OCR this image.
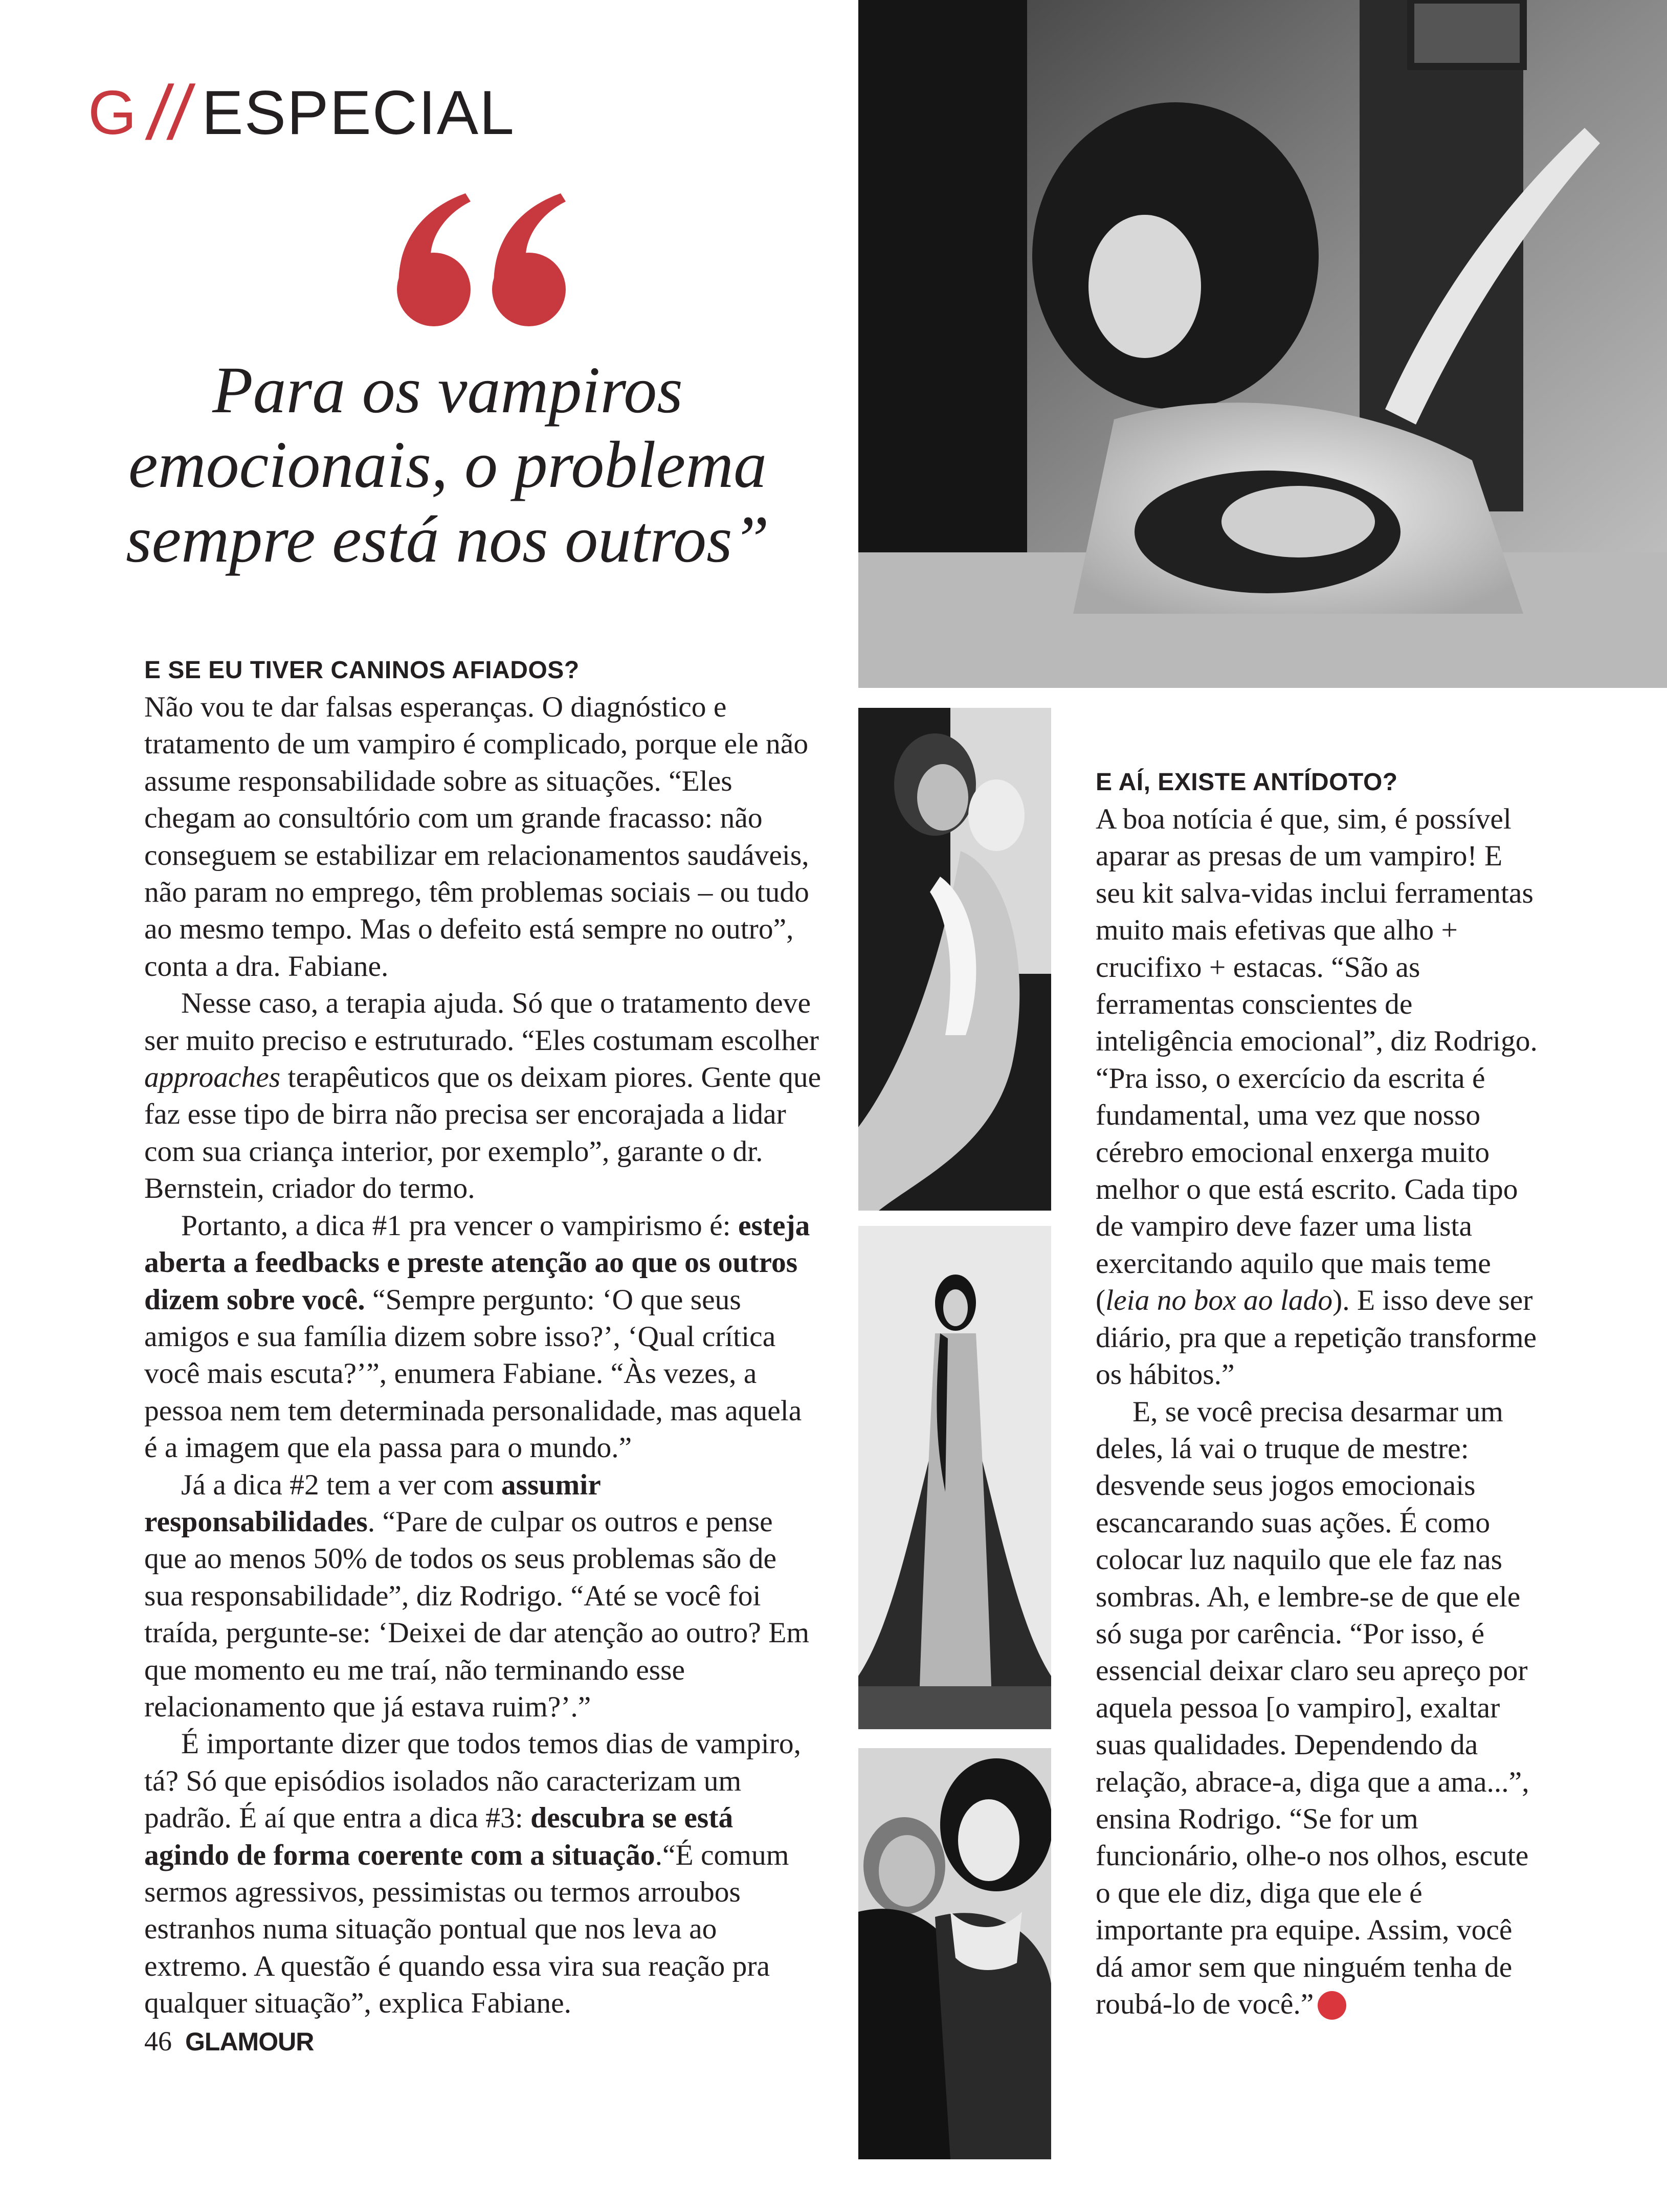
G // ESPECIAL
Para os vampiros
emocionais, o problema
sempre está nos outros”

E SE EU TIVER CANINOS AFIADOS?

Não vou te dar falsas esperanças. O diagnóstico e tratamento de um vampiro é complicado, porque ele não assume responsabilidade sobre as situações. “Eles chegam ao consultório com um grande fracasso: não conseguem se estabilizar em relacionamentos saudáveis, não param no emprego, têm problemas sociais – ou tudo ao mesmo tempo. Mas o defeito está sempre no outro”, conta a dra. Fabiane.

Nesse caso, a terapia ajuda. Só que o tratamento deve ser muito preciso e estruturado. “Eles costumam escolher approaches terapêuticos que os deixam piores. Gente que faz esse tipo de birra não precisa ser encorajada a lidar com sua criança interior, por exemplo”, garante o dr. Bernstein, criador do termo.

Portanto, a dica #1 pra vencer o vampirismo é: esteja aberta a feedbacks e preste atenção ao que os outros dizem sobre você. “Sempre pergunto: ‘O que seus amigos e sua família dizem sobre isso?’, ‘Qual crítica você mais escuta?’”, enumera Fabiane. “Às vezes, a pessoa nem tem determinada personalidade, mas aquela é a imagem que ela passa para o mundo.”

Já a dica #2 tem a ver com assumir responsabilidades. “Pare de culpar os outros e pense que ao menos 50% de todos os seus problemas são de sua responsabilidade”, diz Rodrigo. “Até se você foi traída, pergunte-se: ‘Deixei de dar atenção ao outro? Em que momento eu me traí, não terminando esse relacionamento que já estava ruim?’.”

É importante dizer que todos temos dias de vampiro, tá? Só que episódios isolados não caracterizam um padrão. É aí que entra a dica #3: descubra se está agindo de forma coerente com a situação.“É comum sermos agressivos, pessimistas ou termos arroubos estranhos numa situação pontual que nos leva ao extremo. A questão é quando essa vira sua reação pra qualquer situação”, explica Fabiane.

E AÍ, EXISTE ANTÍDOTO?

A boa notícia é que, sim, é possível aparar as presas de um vampiro! E seu kit salva-vidas inclui ferramentas muito mais efetivas que alho + crucifixo + estacas. “São as ferramentas conscientes de inteligência emocional”, diz Rodrigo. “Pra isso, o exercício da escrita é fundamental, uma vez que nosso cérebro emocional enxerga muito melhor o que está escrito. Cada tipo de vampiro deve fazer uma lista exercitando aquilo que mais teme (leia no box ao lado). E isso deve ser diário, pra que a repetição transforme os hábitos.”

E, se você precisa desarmar um deles, lá vai o truque de mestre: desvende seus jogos emocionais escancarando suas ações. É como colocar luz naquilo que ele faz nas sombras. Ah, e lembre-se de que ele só suga por carência. “Por isso, é essencial deixar claro seu apreço por aquela pessoa [o vampiro], exaltar suas qualidades. Dependendo da relação, abrace-a, diga que a ama...”, ensina Rodrigo. “Se for um funcionário, olhe-o nos olhos, escute o que ele diz, diga que ele é importante pra equipe. Assim, você dá amor sem que ninguém tenha de roubá-lo de você.” G

46 GLAMOUR
